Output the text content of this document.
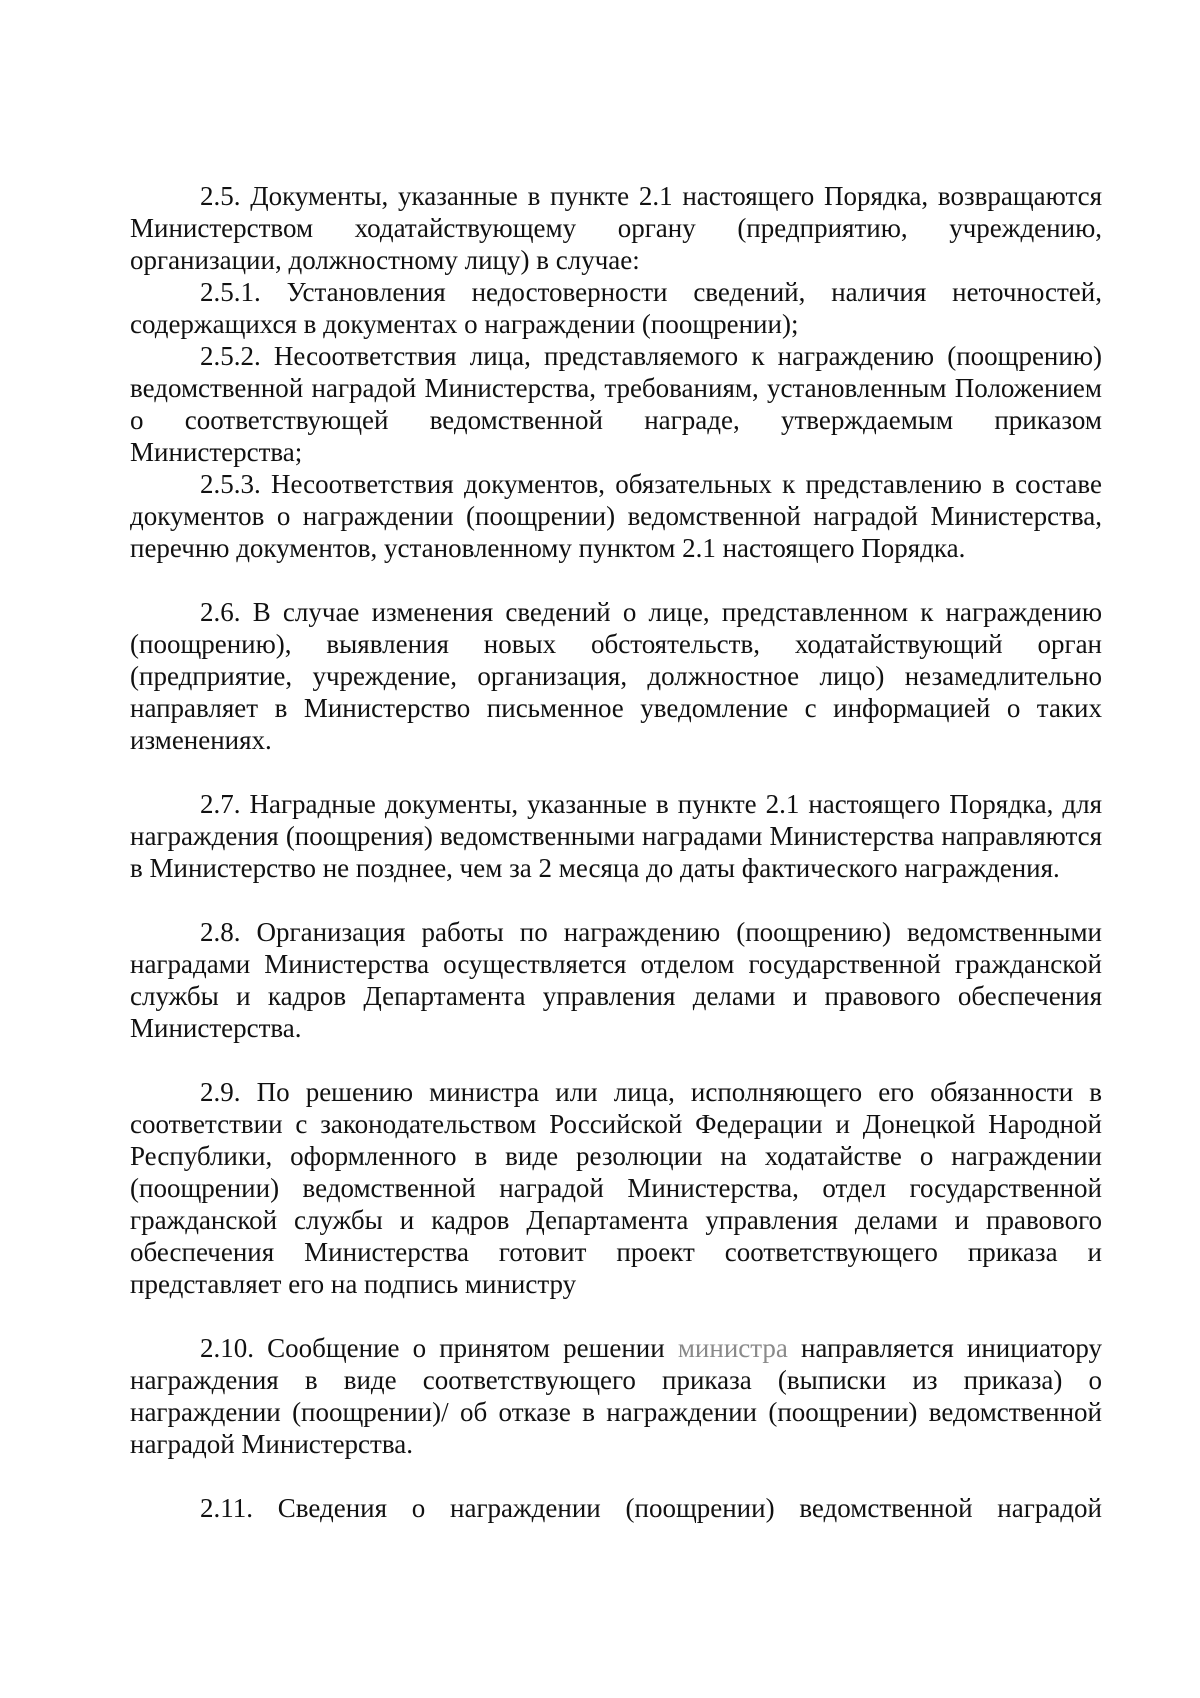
2.5. Документы, указанные в пункте 2.1 настоящего Порядка, возвращаются Министерством ходатайствующему органу (предприятию, учреждению, организации, должностному лицу) в случае:

2.5.1. Установления недостоверности сведений, наличия неточностей, содержащихся в документах о награждении (поощрении);

2.5.2. Несоответствия лица, представляемого к награждению (поощрению) ведомственной наградой Министерства, требованиям, установленным Положением о соответствующей ведомственной награде, утверждаемым приказом Министерства;

2.5.3. Несоответствия документов, обязательных к представлению в составе документов о награждении (поощрении) ведомственной наградой Министерства, перечню документов, установленному пунктом 2.1 настоящего Порядка.

2.6. В случае изменения сведений о лице, представленном к награждению (поощрению), выявления новых обстоятельств, ходатайствующий орган (предприятие, учреждение, организация, должностное лицо) незамедлительно направляет в Министерство письменное уведомление с информацией о таких изменениях.

2.7. Наградные документы, указанные в пункте 2.1 настоящего Порядка, для награждения (поощрения) ведомственными наградами Министерства направляются в Министерство не позднее, чем за 2 месяца до даты фактического награждения.

2.8. Организация работы по награждению (поощрению) ведомственными наградами Министерства осуществляется отделом государственной гражданской службы и кадров Департамента управления делами и правового обеспечения Министерства.

2.9. По решению министра или лица, исполняющего его обязанности в соответствии с законодательством Российской Федерации и Донецкой Народной Республики, оформленного в виде резолюции на ходатайстве о награждении (поощрении) ведомственной наградой Министерства, отдел государственной гражданской службы и кадров Департамента управления делами и правового обеспечения Министерства готовит проект соответствующего приказа и представляет его на подпись министру

2.10. Сообщение о принятом решении министра направляется инициатору награждения в виде соответствующего приказа (выписки из приказа) о награждении (поощрении)/ об отказе в награждении (поощрении) ведомственной наградой Министерства.

2.11. Сведения о награждении (поощрении) ведомственной наградой
